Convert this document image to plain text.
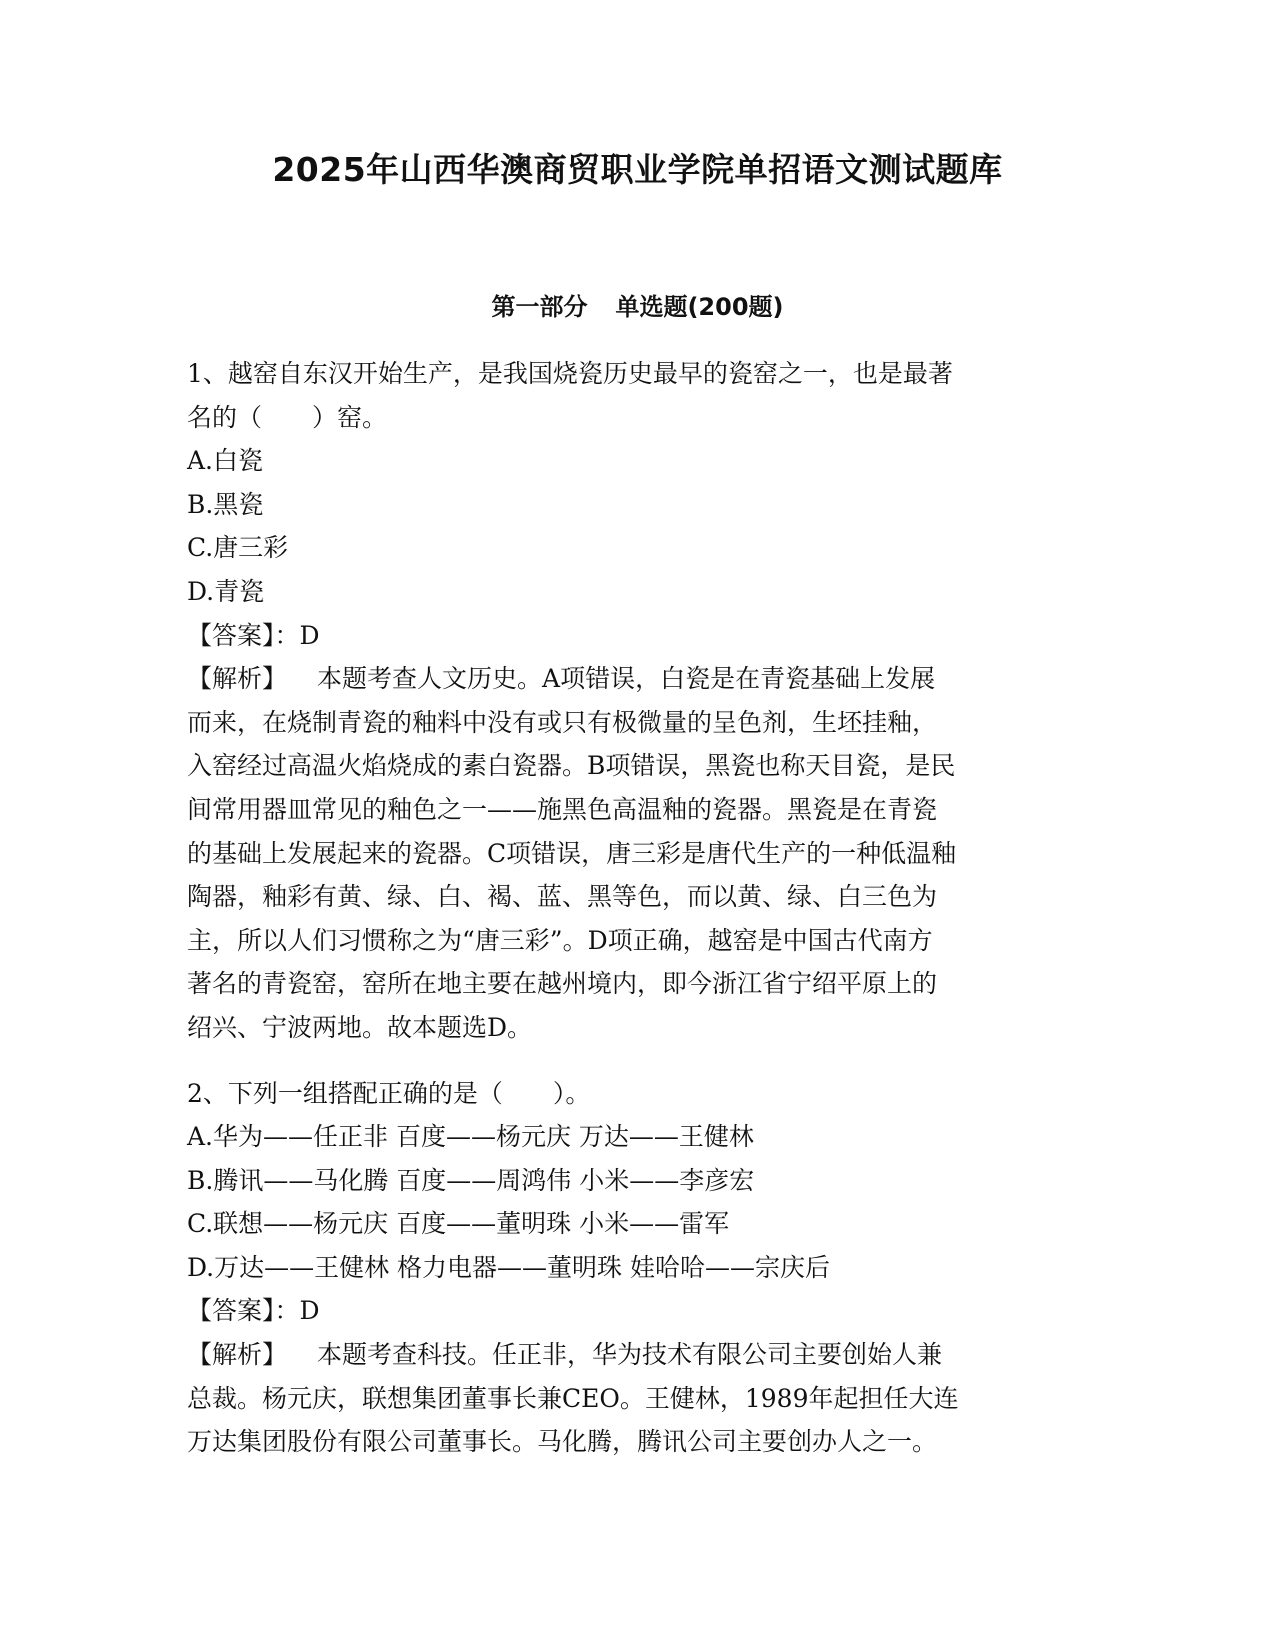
2025年山西华澳商贸职业学院单招语文测试题库
第一部分 单选题(200题)

1、越窑自东汉开始生产，是我国烧瓷历史最早的瓷窑之一，也是最著

名的（　　）窑。

A.白瓷

B.黑瓷

C.唐三彩

D.青瓷

【答案】：D

【解析】 本题考查人文历史。A项错误，白瓷是在青瓷基础上发展

而来，在烧制青瓷的釉料中没有或只有极微量的呈色剂，生坯挂釉，

入窑经过高温火焰烧成的素白瓷器。B项错误，黑瓷也称天目瓷，是民

间常用器皿常见的釉色之一——施黑色高温釉的瓷器。黑瓷是在青瓷

的基础上发展起来的瓷器。C项错误，唐三彩是唐代生产的一种低温釉

陶器，釉彩有黄、绿、白、褐、蓝、黑等色，而以黄、绿、白三色为

主，所以人们习惯称之为“唐三彩”。D项正确，越窑是中国古代南方

著名的青瓷窑，窑所在地主要在越州境内，即今浙江省宁绍平原上的

绍兴、宁波两地。故本题选D。

2、下列一组搭配正确的是（　　）。

A.华为——任正非 百度——杨元庆 万达——王健林

B.腾讯——马化腾 百度——周鸿伟 小米——李彦宏

C.联想——杨元庆 百度——董明珠 小米——雷军

D.万达——王健林 格力电器——董明珠 娃哈哈——宗庆后

【答案】：D

【解析】 本题考查科技。任正非，华为技术有限公司主要创始人兼

总裁。杨元庆，联想集团董事长兼CEO。王健林，1989年起担任大连

万达集团股份有限公司董事长。马化腾，腾讯公司主要创办人之一。
